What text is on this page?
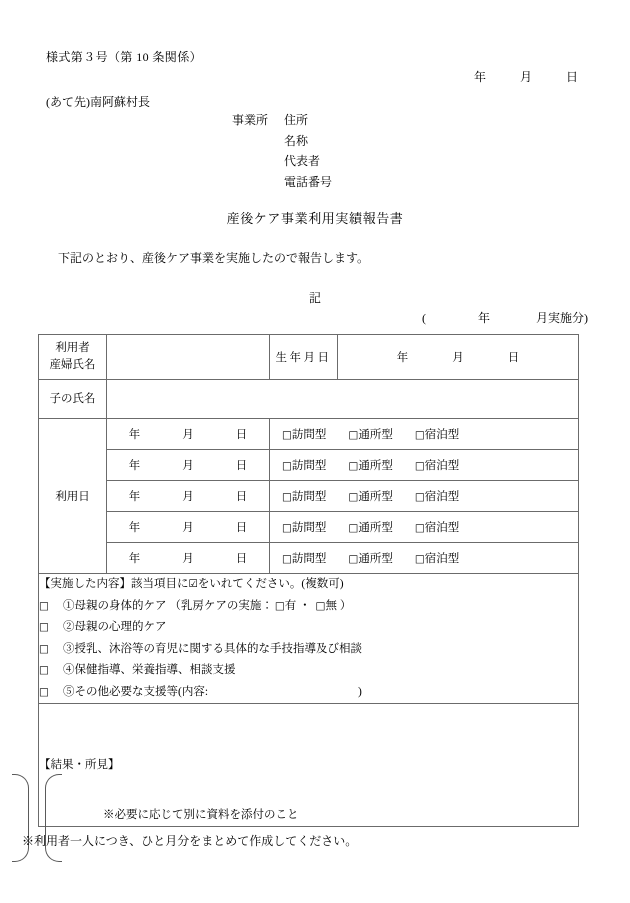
様式第３号（第 10 条関係）
年	月	日
(あて先)南阿蘇村長
事業所 住所
名称
代表者
電話番号
産後ケア事業利用実績報告書
下記のとおり、産後ケア事業を実施したので報告します。
記
(	年	月実施分)
利用者
産婦氏名		生年月日	年 月 日

子の氏名			
利用日	年 月 日	□訪問型 □通所型 □宿泊型	

	年 月 日	□訪問型 □通所型 □宿泊型	

	年 月 日	□訪問型 □通所型 □宿泊型	

	年 月 日	□訪問型 □通所型 □宿泊型	

	年 月 日	□訪問型 □通所型 □宿泊型	

【実施した内容】該当項目に☑をいれてください。(複数可)
□ ①母親の身体的ケア （乳房ケアの実施： □有 ・ □無 ）
□ ②母親の心理的ケア
□ ③授乳、沐浴等の育児に関する具体的な手技指導及び相談
□ ④保健指導、栄養指導、相談支援
□ ⑤その他必要な支援等(内容:	)

【結果・所見】
※必要に応じて別に資料を添付のこと			
※利用者一人につき、ひと月分をまとめて作成してください。
